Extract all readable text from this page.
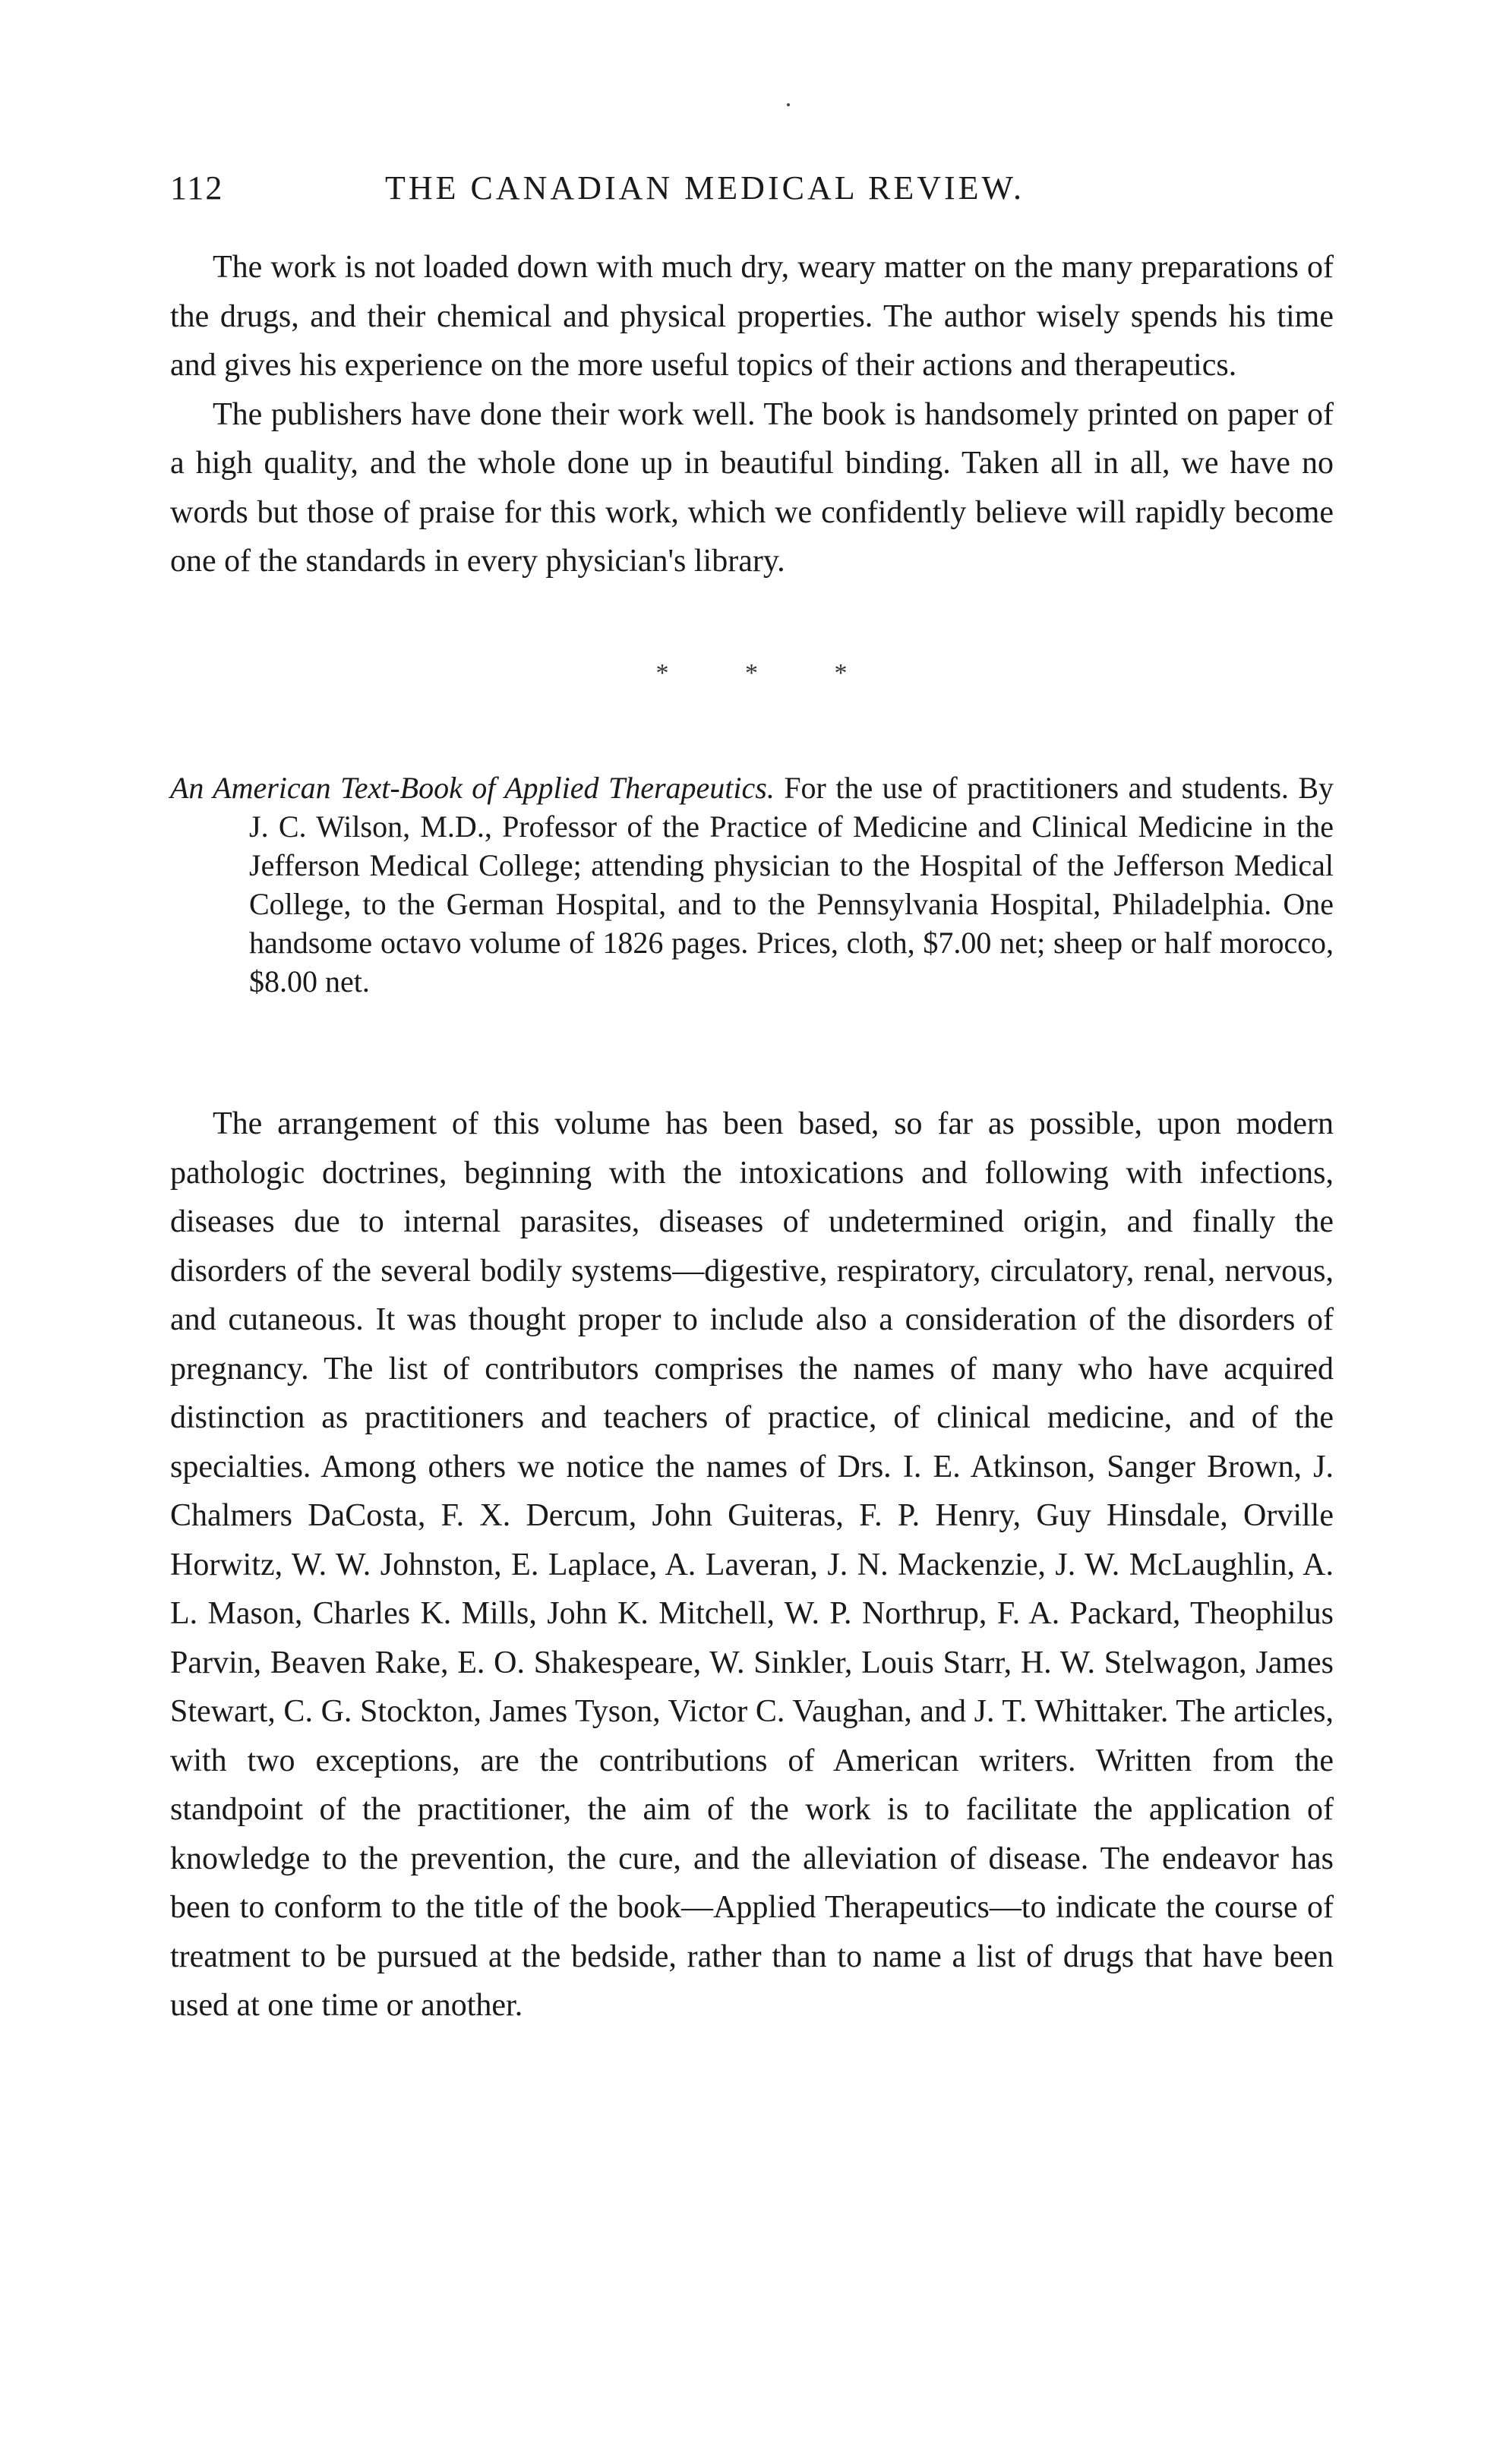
112	THE CANADIAN MEDICAL REVIEW.

The work is not loaded down with much dry, weary matter on the many preparations of the drugs, and their chemical and physical properties. The author wisely spends his time and gives his experience on the more useful topics of their actions and therapeutics.

The publishers have done their work well. The book is handsomely printed on paper of a high quality, and the whole done up in beautiful binding. Taken all in all, we have no words but those of praise for this work, which we confidently believe will rapidly become one of the standards in every physician's library.

* * *
An American Text-Book of Applied Therapeutics. For the use of practitioners and students. By J. C. Wilson, M.D., Professor of the Practice of Medicine and Clinical Medicine in the Jefferson Medical College; attending physician to the Hospital of the Jefferson Medical College, to the German Hospital, and to the Pennsylvania Hospital, Philadelphia. One handsome octavo volume of 1826 pages. Prices, cloth, $7.00 net; sheep or half morocco, $8.00 net.

The arrangement of this volume has been based, so far as possible, upon modern pathologic doctrines, beginning with the intoxications and following with infections, diseases due to internal parasites, diseases of undetermined origin, and finally the disorders of the several bodily systems—digestive, respiratory, circulatory, renal, nervous, and cutaneous. It was thought proper to include also a consideration of the disorders of pregnancy. The list of contributors comprises the names of many who have acquired distinction as practitioners and teachers of practice, of clinical medicine, and of the specialties. Among others we notice the names of Drs. I. E. Atkinson, Sanger Brown, J. Chalmers DaCosta, F. X. Dercum, John Guiteras, F. P. Henry, Guy Hinsdale, Orville Horwitz, W. W. Johnston, E. Laplace, A. Laveran, J. N. Mackenzie, J. W. McLaughlin, A. L. Mason, Charles K. Mills, John K. Mitchell, W. P. Northrup, F. A. Packard, Theophilus Parvin, Beaven Rake, E. O. Shakespeare, W. Sinkler, Louis Starr, H. W. Stelwagon, James Stewart, C. G. Stockton, James Tyson, Victor C. Vaughan, and J. T. Whittaker. The articles, with two exceptions, are the contributions of American writers. Written from the standpoint of the practitioner, the aim of the work is to facilitate the application of knowledge to the prevention, the cure, and the alleviation of disease. The endeavor has been to conform to the title of the book—Applied Therapeutics—to indicate the course of treatment to be pursued at the bedside, rather than to name a list of drugs that have been used at one time or another.
